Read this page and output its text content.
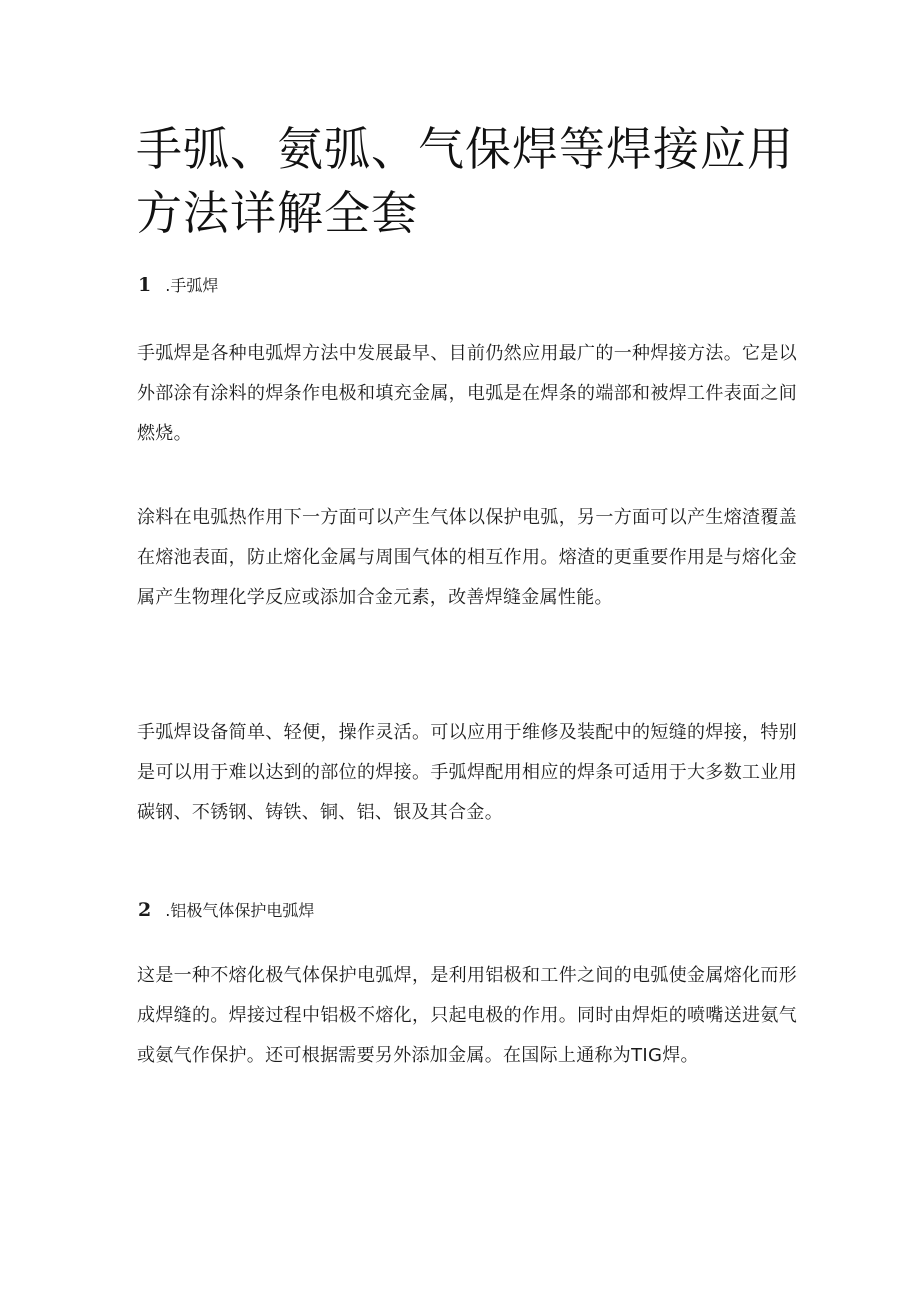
手弧、氨弧、气保焊等焊接应用方法详解全套
1 .手弧焊

手弧焊是各种电弧焊方法中发展最早、目前仍然应用最广的一种焊接方法。它是以外部涂有涂料的焊条作电极和填充金属，电弧是在焊条的端部和被焊工件表面之间燃烧。

涂料在电弧热作用下一方面可以产生气体以保护电弧，另一方面可以产生熔渣覆盖在熔池表面，防止熔化金属与周围气体的相互作用。熔渣的更重要作用是与熔化金属产生物理化学反应或添加合金元素，改善焊缝金属性能。

手弧焊设备简单、轻便，操作灵活。可以应用于维修及装配中的短缝的焊接，特别是可以用于难以达到的部位的焊接。手弧焊配用相应的焊条可适用于大多数工业用碳钢、不锈钢、铸铁、铜、铝、银及其合金。

2 .铝极气体保护电弧焊

这是一种不熔化极气体保护电弧焊，是利用铝极和工件之间的电弧使金属熔化而形成焊缝的。焊接过程中铝极不熔化，只起电极的作用。同时由焊炬的喷嘴送进氨气或氨气作保护。还可根据需要另外添加金属。在国际上通称为TIG焊。
